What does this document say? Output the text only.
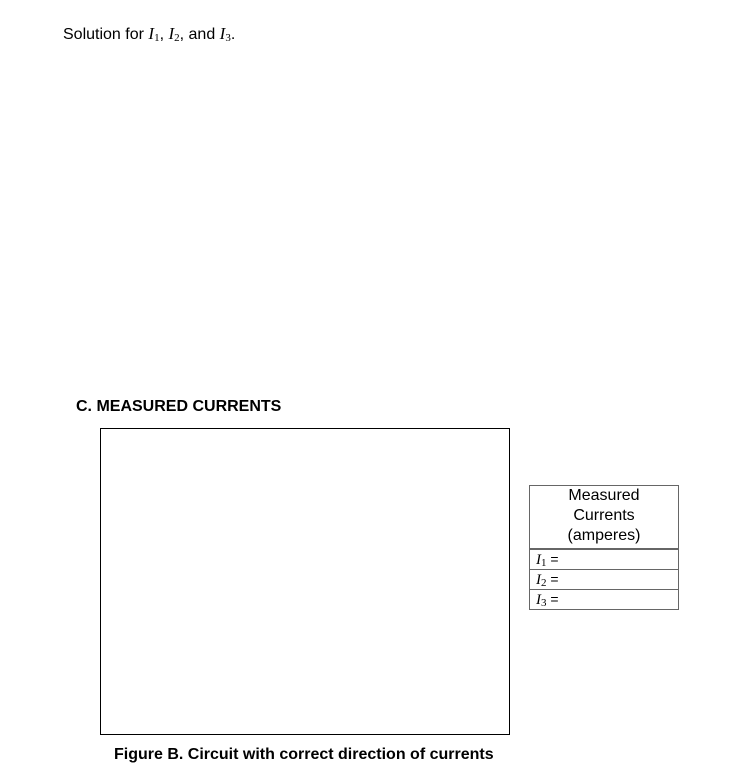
Solution for $I_1$, $I_2$, and $I_3$.
C. MEASURED CURRENTS
Figure B. Circuit with correct direction of currents
Measured
Currents
(amperes)
$I_1$ =
$I_2$ =
$I_3$ =
